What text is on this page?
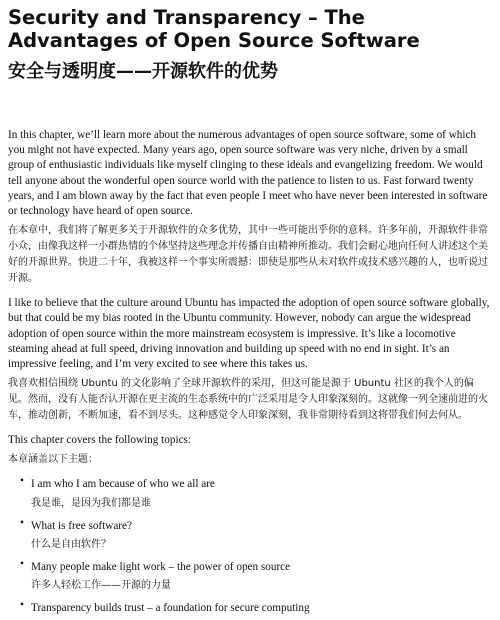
Security and Transparency – The Advantages of Open Source Software
安全与透明度——开源软件的优势

In this chapter, we’ll learn more about the numerous advantages of open source software, some of which you might not have expected. Many years ago, open source software was very niche, driven by a small group of enthusiastic individuals like myself clinging to these ideals and evangelizing freedom. We would tell anyone about the wonderful open source world with the patience to listen to us. Fast forward twenty years, and I am blown away by the fact that even people I meet who have never been interested in software or technology have heard of open source.

在本章中，我们将了解更多关于开源软件的众多优势，其中一些可能出乎你的意料。许多年前，开源软件非常小众，由像我这样一小群热情的个体坚持这些理念并传播自由精神所推动。我们会耐心地向任何人讲述这个美好的开源世界。快进二十年，我被这样一个事实所震撼：即使是那些从未对软件或技术感兴趣的人，也听说过开源。

I like to believe that the culture around Ubuntu has impacted the adoption of open source software globally, but that could be my bias rooted in the Ubuntu community. However, nobody can argue the widespread adoption of open source within the more mainstream ecosystem is impressive. It’s like a locomotive steaming ahead at full speed, driving innovation and building up speed with no end in sight. It’s an impressive feeling, and I’m very excited to see where this takes us.

我喜欢相信围绕 Ubuntu 的文化影响了全球开源软件的采用，但这可能是源于 Ubuntu 社区的我个人的偏见。然而，没有人能否认开源在更主流的生态系统中的广泛采用是令人印象深刻的。这就像一列全速前进的火车，推动创新，不断加速，看不到尽头。这种感觉令人印象深刻，我非常期待看到这将带我们何去何从。

This chapter covers the following topics:

本章涵盖以下主题：

• I am who I am because of who we all are
我是谁，是因为我们都是谁
• What is free software?
什么是自由软件？
• Many people make light work – the power of open source
许多人轻松工作——开源的力量
• Transparency builds trust – a foundation for secure computing
